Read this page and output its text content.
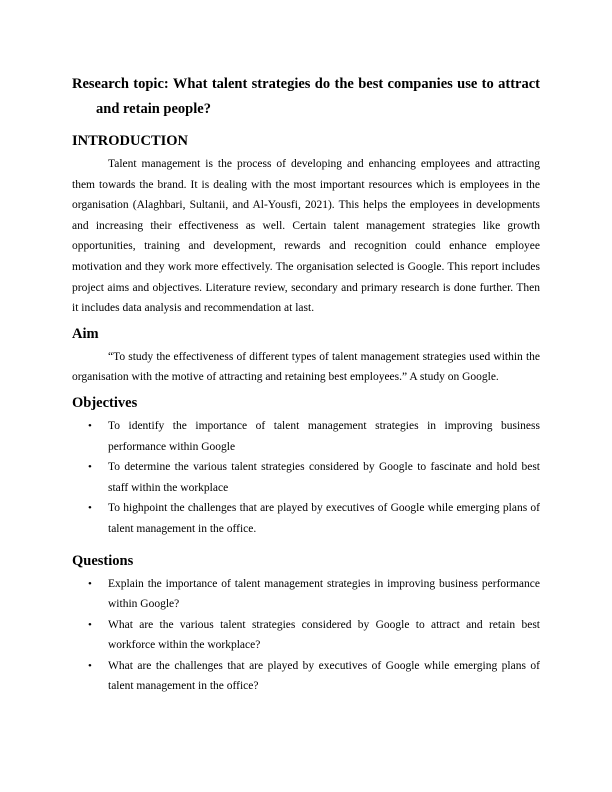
Research topic: What talent strategies do the best companies use to attract and retain people?
INTRODUCTION

Talent management is the process of developing and enhancing employees and attracting them towards the brand. It is dealing with the most important resources which is employees in the organisation (Alaghbari, Sultanii, and Al-Yousfi, 2021). This helps the employees in developments and increasing their effectiveness as well. Certain talent management strategies like growth opportunities, training and development, rewards and recognition could enhance employee motivation and they work more effectively. The organisation selected is Google. This report includes project aims and objectives. Literature review, secondary and primary research is done further. Then it includes data analysis and recommendation at last.

Aim

“To study the effectiveness of different types of talent management strategies used within the organisation with the motive of attracting and retaining best employees.” A study on Google.

Objectives
• To identify the importance of talent management strategies in improving business performance within Google
• To determine the various talent strategies considered by Google to fascinate and hold best staff within the workplace
• To highpoint the challenges that are played by executives of Google while emerging plans of talent management in the office.
Questions
• Explain the importance of talent management strategies in improving business performance within Google?
• What are the various talent strategies considered by Google to attract and retain best workforce within the workplace?
• What are the challenges that are played by executives of Google while emerging plans of talent management in the office?
